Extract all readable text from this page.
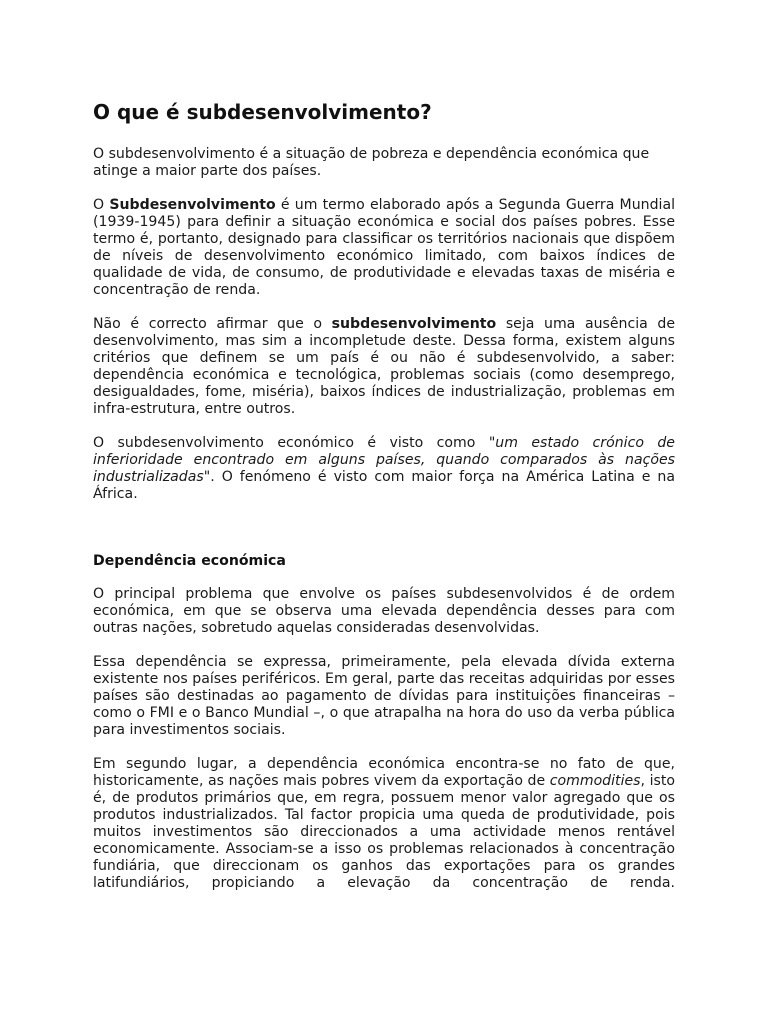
O que é subdesenvolvimento?

O subdesenvolvimento é a situação de pobreza e dependência económica que atinge a maior parte dos países.

O Subdesenvolvimento é um termo elaborado após a Segunda Guerra Mundial (1939-1945) para definir a situação económica e social dos países pobres. Esse termo é, portanto, designado para classificar os territórios nacionais que dispõem de níveis de desenvolvimento económico limitado, com baixos índices de qualidade de vida, de consumo, de produtividade e elevadas taxas de miséria e concentração de renda.

Não é correcto afirmar que o subdesenvolvimento seja uma ausência de desenvolvimento, mas sim a incompletude deste. Dessa forma, existem alguns critérios que definem se um país é ou não é subdesenvolvido, a saber: dependência económica e tecnológica, problemas sociais (como desemprego, desigualdades, fome, miséria), baixos índices de industrialização, problemas em infra-estrutura, entre outros.

O subdesenvolvimento económico é visto como "um estado crónico de inferioridade encontrado em alguns países, quando comparados às nações industrializadas". O fenómeno é visto com maior força na América Latina e na África.

Dependência económica

O principal problema que envolve os países subdesenvolvidos é de ordem económica, em que se observa uma elevada dependência desses para com outras nações, sobretudo aquelas consideradas desenvolvidas.

Essa dependência se expressa, primeiramente, pela elevada dívida externa existente nos países periféricos. Em geral, parte das receitas adquiridas por esses países são destinadas ao pagamento de dívidas para instituições financeiras – como o FMI e o Banco Mundial –, o que atrapalha na hora do uso da verba pública para investimentos sociais.

Em segundo lugar, a dependência económica encontra-se no fato de que, historicamente, as nações mais pobres vivem da exportação de commodities, isto é, de produtos primários que, em regra, possuem menor valor agregado que os produtos industrializados. Tal factor propicia uma queda de produtividade, pois muitos investimentos são direccionados a uma actividade menos rentável economicamente. Associam-se a isso os problemas relacionados à concentração fundiária, que direccionam os ganhos das exportações para os grandes latifundiários, propiciando a elevação da concentração de renda.
